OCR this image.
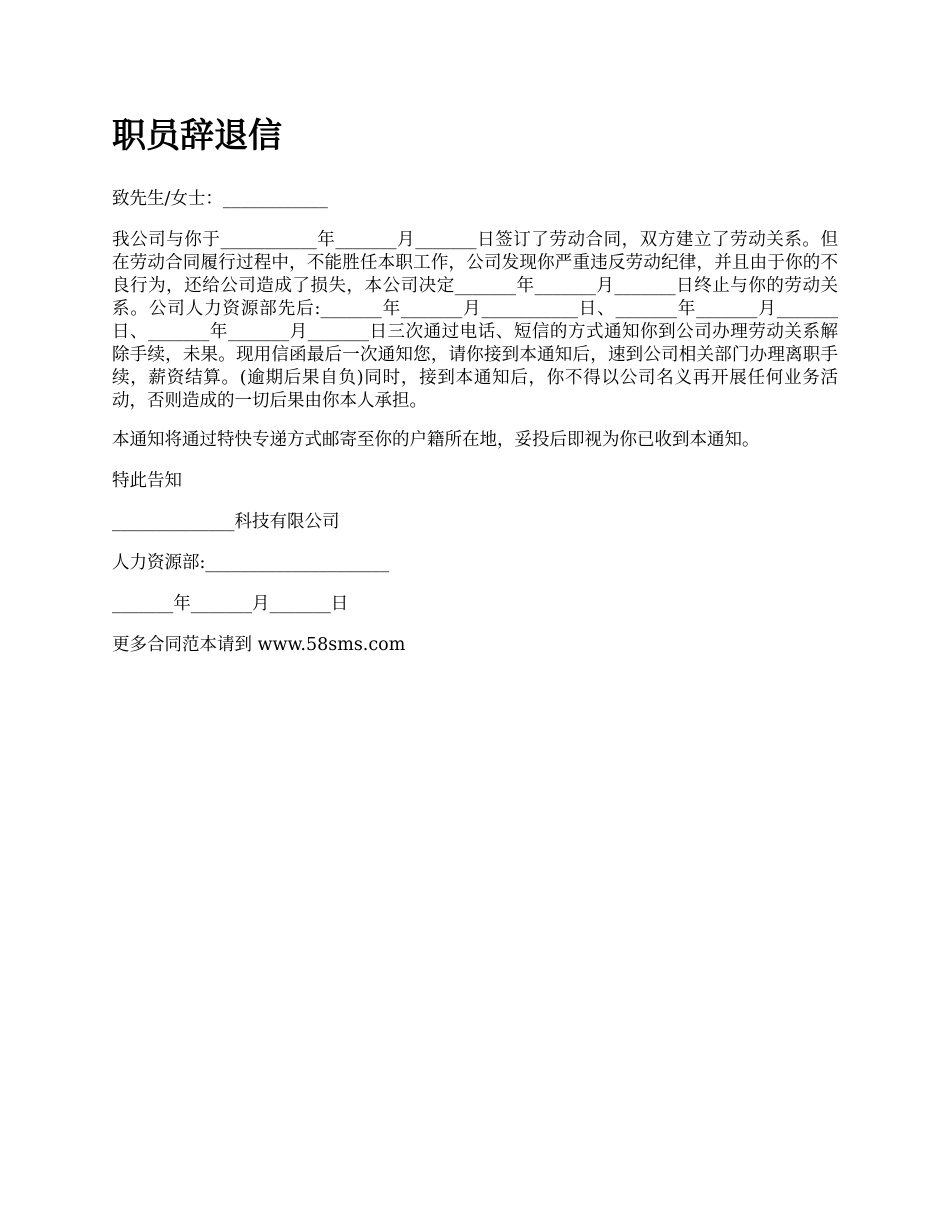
职员辞退信

致先生/女士：____________

我公司与你于___________年_______月_______日签订了劳动合同，双方建立了劳动关系。但在劳动合同履行过程中，不能胜任本职工作，公司发现你严重违反劳动纪律，并且由于你的不良行为，还给公司造成了损失，本公司决定_______年_______月_______日终止与你的劳动关系。公司人力资源部先后:_______年_______月___________日、_______年_______月_______日、_______年_______月_______日三次通过电话、短信的方式通知你到公司办理劳动关系解除手续，未果。现用信函最后一次通知您，请你接到本通知后，速到公司相关部门办理离职手续，薪资结算。(逾期后果自负)同时，接到本通知后，你不得以公司名义再开展任何业务活动，否则造成的一切后果由你本人承担。

本通知将通过特快专递方式邮寄至你的户籍所在地，妥投后即视为你已收到本通知。

特此告知

______________科技有限公司

人力资源部:_____________________

_______年_______月_______日

更多合同范本请到 www.58sms.com
